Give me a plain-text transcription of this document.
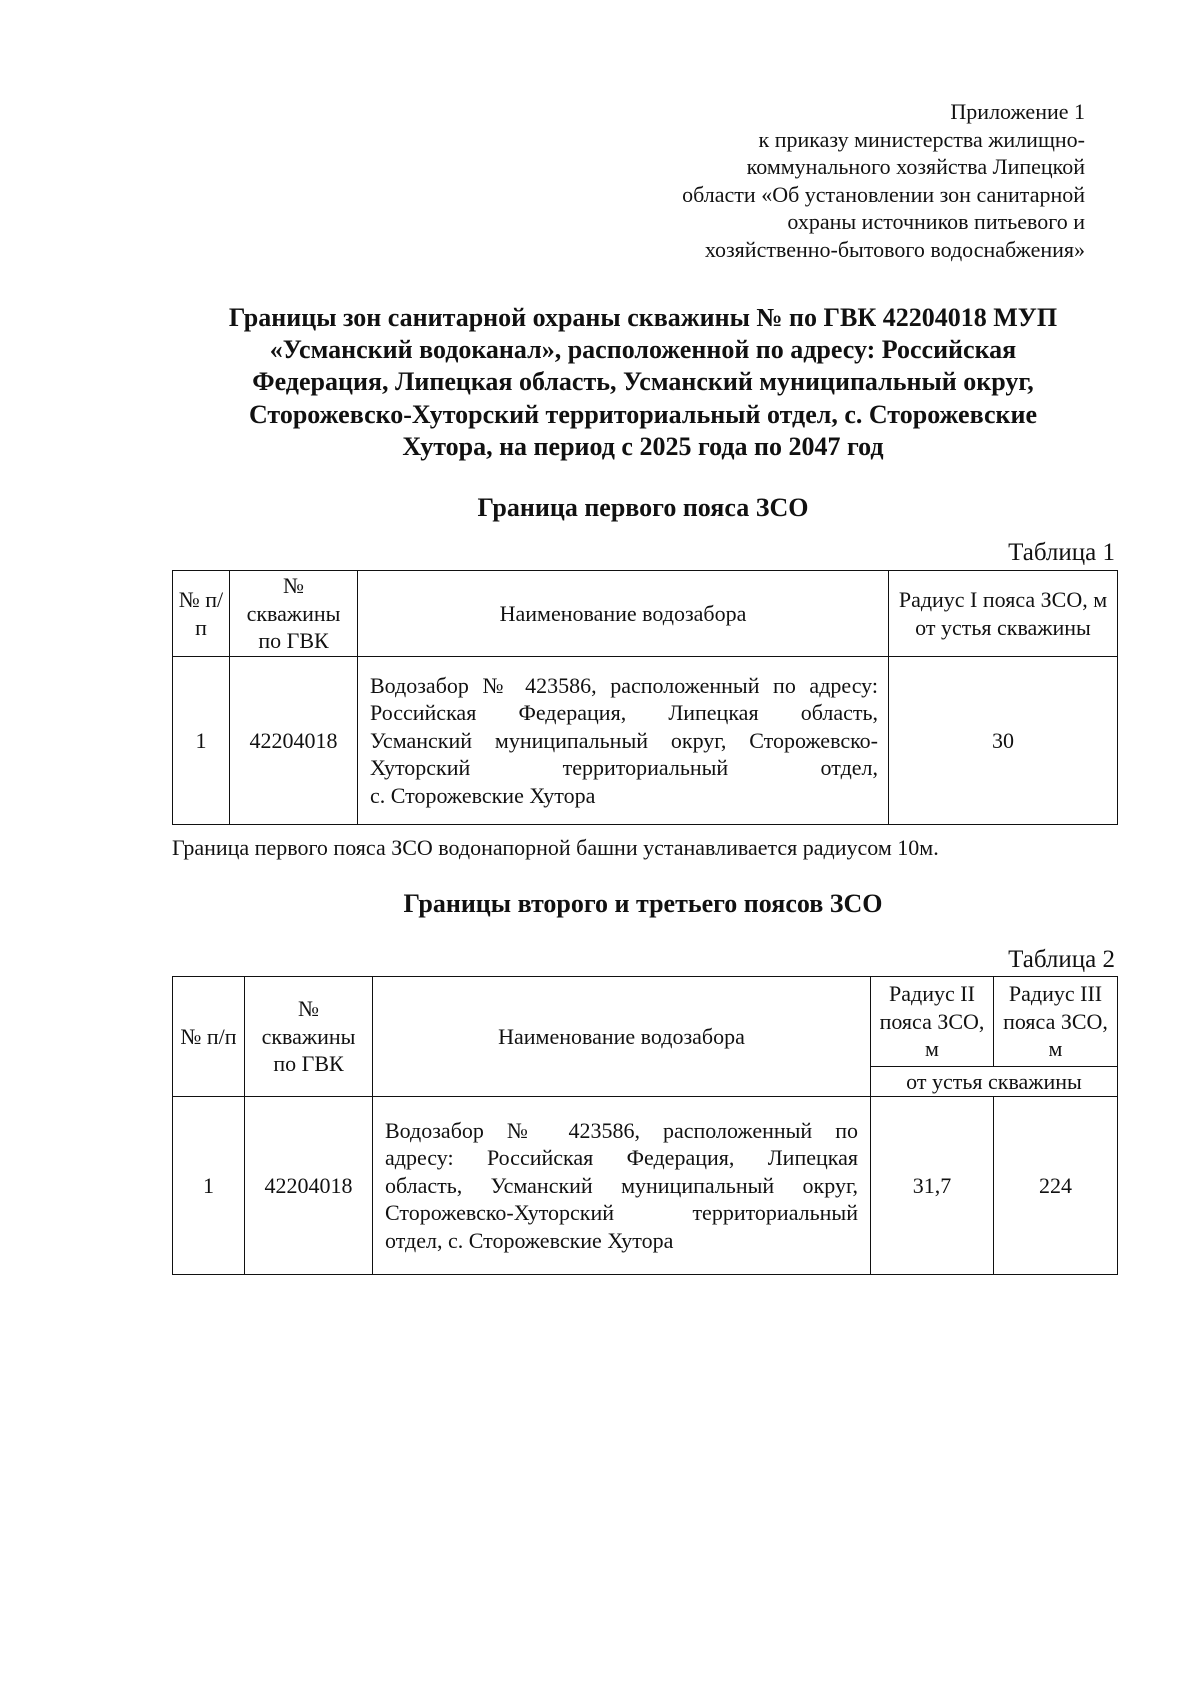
Приложение 1
к приказу министерства жилищно-
коммунального хозяйства Липецкой
области «Об установлении зон санитарной
охраны источников питьевого и
хозяйственно-бытового водоснабжения»
Границы зон санитарной охраны скважины № по ГВК 42204018 МУП
«Усманский водоканал», расположенной по адресу: Российская
Федерация, Липецкая область, Усманский муниципальный округ,
Сторожевско-Хуторский территориальный отдел, с. Сторожевские
Хутора, на период с 2025 года по 2047 год
Граница первого пояса ЗСО
Таблица 1
№ п/п	№ скважины по ГВК	Наименование водозабора	Радиус I пояса ЗСО, м от устья скважины
1	42204018	Водозабор № 423586, расположенный по адресу:
Российская Федерация, Липецкая область,
Усманский муниципальный округ, Сторожевско-
Хуторский территориальный отдел,
с. Сторожевские Хутора	30
Граница первого пояса ЗСО водонапорной башни устанавливается радиусом 10м.
Границы второго и третьего поясов ЗСО
Таблица 2
№ п/п	№ скважины по ГВК	Наименование водозабора	Радиус II пояса ЗСО, м	Радиус III пояса ЗСО, м
			от устья скважины	
1	42204018	Водозабор № 423586, расположенный по
адресу: Российская Федерация, Липецкая
область, Усманский муниципальный округ,
Сторожевско-Хуторский территориальный
отдел, с. Сторожевские Хутора	31,7	224
